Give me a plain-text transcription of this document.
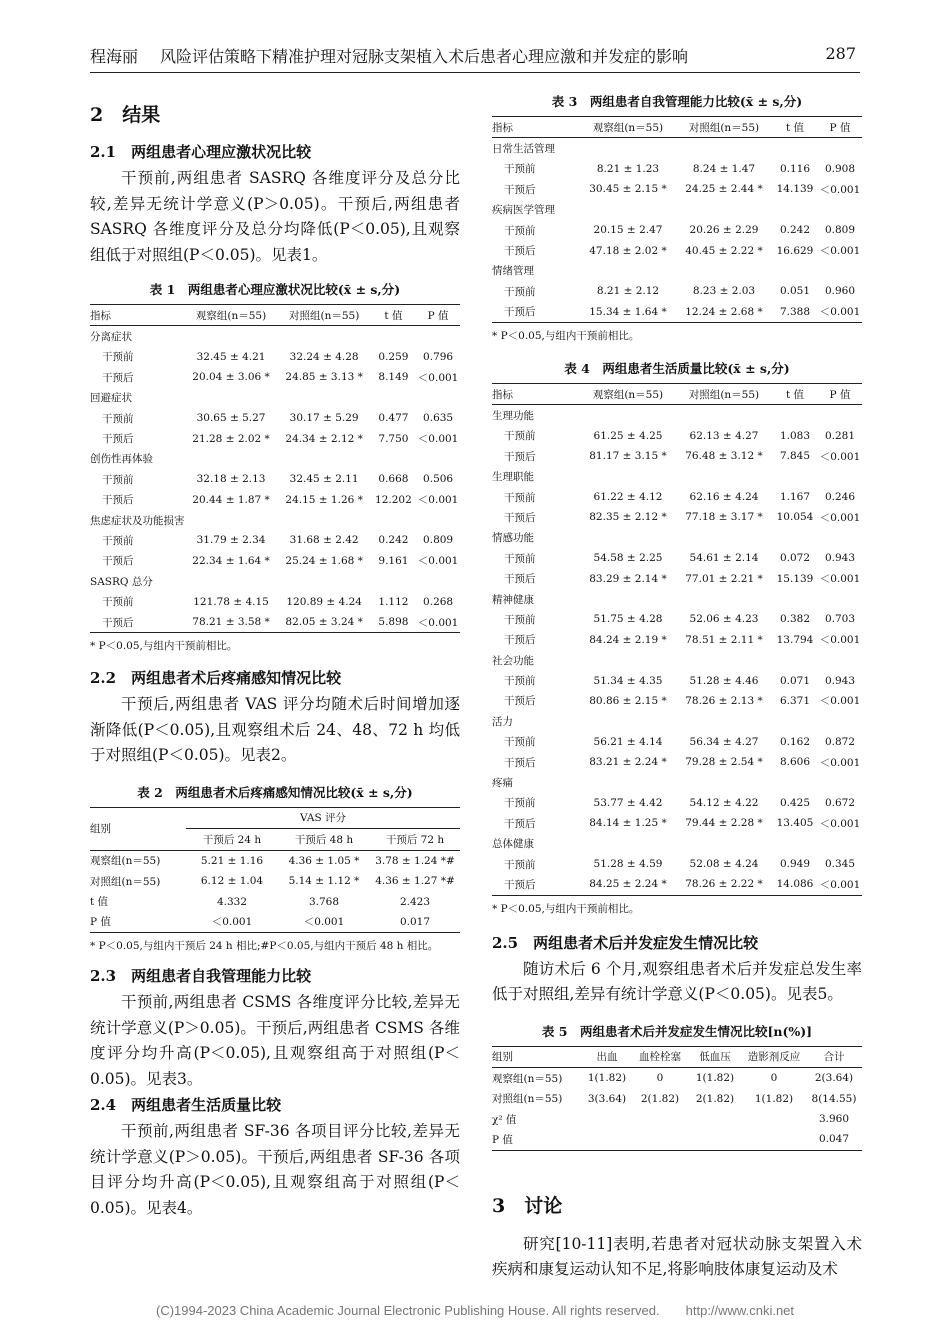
程海丽 风险评估策略下精准护理对冠脉支架植入术后患者心理应激和并发症的影响	287

2　结果

2.1　两组患者心理应激状况比较

干预前,两组患者 SASRQ 各维度评分及总分比较,差异无统计学意义(P＞0.05)。干预后,两组患者 SASRQ 各维度评分及总分均降低(P＜0.05),且观察组低于对照组(P＜0.05)。见表1。

表 1　两组患者心理应激状况比较(x̄ ± s,分)

指标	观察组(n＝55)	对照组(n＝55)	t 值	P 值
分离症状				
干预前	32.45 ± 4.21	32.24 ± 4.28	0.259	0.796
干预后	20.04 ± 3.06 *	24.85 ± 3.13 *	8.149	＜0.001
回避症状				
干预前	30.65 ± 5.27	30.17 ± 5.29	0.477	0.635
干预后	21.28 ± 2.02 *	24.34 ± 2.12 *	7.750	＜0.001
创伤性再体验				
干预前	32.18 ± 2.13	32.45 ± 2.11	0.668	0.506
干预后	20.44 ± 1.87 *	24.15 ± 1.26 *	12.202	＜0.001
焦虑症状及功能损害				
干预前	31.79 ± 2.34	31.68 ± 2.42	0.242	0.809
干预后	22.34 ± 1.64 *	25.24 ± 1.68 *	9.161	＜0.001
SASRQ 总分				
干预前	121.78 ± 4.15	120.89 ± 4.24	1.112	0.268
干预后	78.21 ± 3.58 *	82.05 ± 3.24 *	5.898	＜0.001

* P＜0.05,与组内干预前相比。

2.2　两组患者术后疼痛感知情况比较

干预后,两组患者 VAS 评分均随术后时间增加逐渐降低(P＜0.05),且观察组术后 24、48、72 h 均低于对照组(P＜0.05)。见表2。

表 2　两组患者术后疼痛感知情况比较(x̄ ± s,分)

组别	VAS 评分		
	干预后 24 h	干预后 48 h	干预后 72 h
观察组(n＝55)	5.21 ± 1.16	4.36 ± 1.05 *	3.78 ± 1.24 *#
对照组(n＝55)	6.12 ± 1.04	5.14 ± 1.12 *	4.36 ± 1.27 *#
t 值	4.332	3.768	2.423
P 值	＜0.001	＜0.001	0.017

* P＜0.05,与组内干预后 24 h 相比;#P＜0.05,与组内干预后 48 h 相比。

2.3　两组患者自我管理能力比较

干预前,两组患者 CSMS 各维度评分比较,差异无统计学意义(P＞0.05)。干预后,两组患者 CSMS 各维度评分均升高(P＜0.05),且观察组高于对照组(P＜0.05)。见表3。

2.4　两组患者生活质量比较

干预前,两组患者 SF-36 各项目评分比较,差异无统计学意义(P＞0.05)。干预后,两组患者 SF-36 各项目评分均升高(P＜0.05),且观察组高于对照组(P＜0.05)。见表4。

表 3　两组患者自我管理能力比较(x̄ ± s,分)

指标	观察组(n＝55)	对照组(n＝55)	t 值	P 值
日常生活管理				
干预前	8.21 ± 1.23	8.24 ± 1.47	0.116	0.908
干预后	30.45 ± 2.15 *	24.25 ± 2.44 *	14.139	＜0.001
疾病医学管理				
干预前	20.15 ± 2.47	20.26 ± 2.29	0.242	0.809
干预后	47.18 ± 2.02 *	40.45 ± 2.22 *	16.629	＜0.001
情绪管理				
干预前	8.21 ± 2.12	8.23 ± 2.03	0.051	0.960
干预后	15.34 ± 1.64 *	12.24 ± 2.68 *	7.388	＜0.001

* P＜0.05,与组内干预前相比。

表 4　两组患者生活质量比较(x̄ ± s,分)

指标	观察组(n＝55)	对照组(n＝55)	t 值	P 值
生理功能				
干预前	61.25 ± 4.25	62.13 ± 4.27	1.083	0.281
干预后	81.17 ± 3.15 *	76.48 ± 3.12 *	7.845	＜0.001
生理职能				
干预前	61.22 ± 4.12	62.16 ± 4.24	1.167	0.246
干预后	82.35 ± 2.12 *	77.18 ± 3.17 *	10.054	＜0.001
情感功能				
干预前	54.58 ± 2.25	54.61 ± 2.14	0.072	0.943
干预后	83.29 ± 2.14 *	77.01 ± 2.21 *	15.139	＜0.001
精神健康				
干预前	51.75 ± 4.28	52.06 ± 4.23	0.382	0.703
干预后	84.24 ± 2.19 *	78.51 ± 2.11 *	13.794	＜0.001
社会功能				
干预前	51.34 ± 4.35	51.28 ± 4.46	0.071	0.943
干预后	80.86 ± 2.15 *	78.26 ± 2.13 *	6.371	＜0.001
活力				
干预前	56.21 ± 4.14	56.34 ± 4.27	0.162	0.872
干预后	83.21 ± 2.24 *	79.28 ± 2.54 *	8.606	＜0.001
疼痛				
干预前	53.77 ± 4.42	54.12 ± 4.22	0.425	0.672
干预后	84.14 ± 1.25 *	79.44 ± 2.28 *	13.405	＜0.001
总体健康				
干预前	51.28 ± 4.59	52.08 ± 4.24	0.949	0.345
干预后	84.25 ± 2.24 *	78.26 ± 2.22 *	14.086	＜0.001

* P＜0.05,与组内干预前相比。

2.5　两组患者术后并发症发生情况比较

随访术后 6 个月,观察组患者术后并发症总发生率低于对照组,差异有统计学意义(P＜0.05)。见表5。

表 5　两组患者术后并发症发生情况比较[n(%)]

组别	出血	血栓栓塞	低血压	造影剂反应	合计
观察组(n＝55)	1(1.82)	0	1(1.82)	0	2(3.64)
对照组(n＝55)	3(3.64)	2(1.82)	2(1.82)	1(1.82)	8(14.55)
χ² 值					3.960
P 值					0.047

3　讨论

研究[10-11]表明,若患者对冠状动脉支架置入术疾病和康复运动认知不足,将影响肢体康复运动及术

(C)1994-2023 China Academic Journal Electronic Publishing House. All rights reserved.　　http://www.cnki.net
